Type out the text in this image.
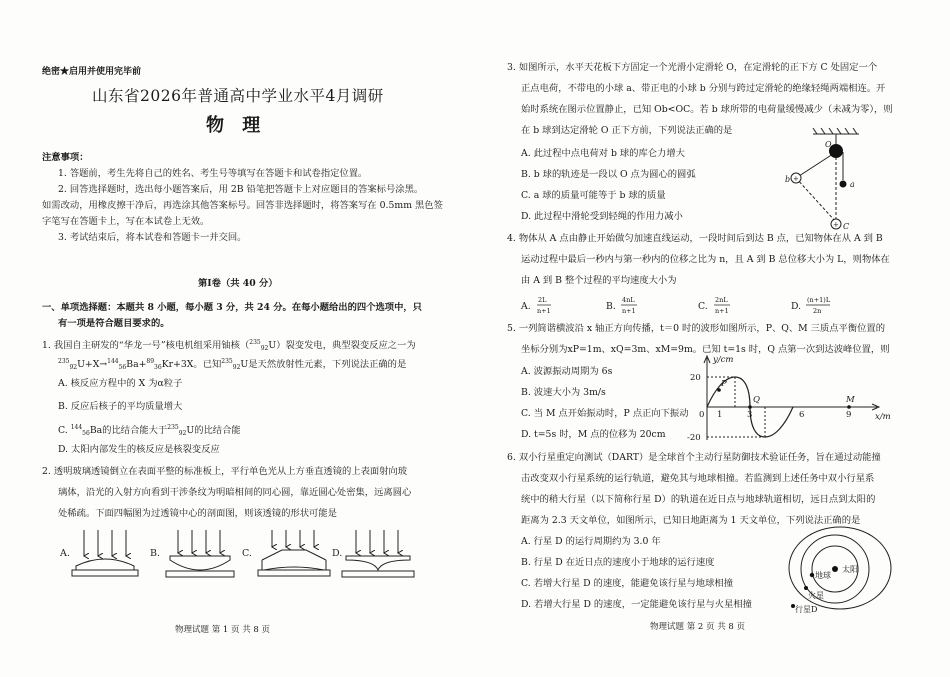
绝密★启用并使用完毕前
山东省2026年普通高中学业水平4月调研
物 理
注意事项：
1. 答题前，考生先将自己的姓名、考生号等填写在答题卡和试卷指定位置。
2. 回答选择题时，选出每小题答案后，用 2B 铅笔把答题卡上对应题目的答案标号涂黑。
如需改动，用橡皮擦干净后，再选涂其他答案标号。回答非选择题时，将答案写在 0.5mm 黑色签
字笔写在答题卡上，写在本试卷上无效。
3. 考试结束后，将本试卷和答题卡一并交回。
第Ⅰ卷（共 40 分）
一、单项选择题：本题共 8 小题，每小题 3 分，共 24 分。在每小题给出的四个选项中，只
有一项是符合题目要求的。
1. 我国自主研发的“华龙一号”核电机组采用铀核（$^{235}_{92}$U）裂变发电，典型裂变反应之一为
$^{235}_{92}$U+X→$^{144}_{56}$Ba+$^{89}_{36}$Kr+3X。已知$^{235}_{92}$U是天然放射性元素，下列说法正确的是
A. 核反应方程中的 X 为α粒子
B. 反应后核子的平均质量增大
C. $^{144}_{56}$Ba的比结合能大于$^{235}_{92}$U的比结合能
D. 太阳内部发生的核反应是核裂变反应
2. 透明玻璃透镜倒立在表面平整的标准板上，平行单色光从上方垂直透镜的上表面射向玻
璃体，沿光的入射方向看到干涉条纹为明暗相间的同心圆，靠近圆心处密集，远离圆心
处稀疏。下面四幅图为过透镜中心的剖面图，则该透镜的形状可能是
A.	B.	C.	D.
物理试题 第 1 页 共 8 页
3. 如图所示，水平天花板下方固定一个光滑小定滑轮 O，在定滑轮的正下方 C 处固定一个
正点电荷，不带电的小球 a、带正电的小球 b 分别与跨过定滑轮的绝缘轻绳两端相连。开
始时系统在图示位置静止，已知 Ob<OC。若 b 球所带的电荷量缓慢减少（未减为零），则
在 b 球到达定滑轮 O 正下方前，下列说法正确的是
A. 此过程中点电荷对 b 球的库仑力增大
B. b 球的轨迹是一段以 O 点为圆心的圆弧
C. a 球的质量可能等于 b 球的质量
D. 此过程中滑轮受到轻绳的作用力减小
+
+
O
a
b
C
4. 物体从 A 点由静止开始做匀加速直线运动，一段时间后到达 B 点，已知物体在从 A 到 B
运动过程中最后一秒内与第一秒内的位移之比为 n，且 A 到 B 总位移大小为 L，则物体在
由 A 到 B 整个过程的平均速度大小为
A.
2L
n+1	B.
4nL
n+1	C.
2nL
n+1	D.
(n+1)L
2n
5. 一列简谐横波沿 x 轴正方向传播，t＝0 时的波形如图所示，P、Q、M 三质点平衡位置的
坐标分别为xP=1m、xQ=3m、xM=9m。已知 t=1s 时，Q 点第一次到达波峰位置，则
A. 波源振动周期为 6s
B. 波速大小为 3m/s
C. 当 M 点开始振动时，P 点正向下振动
D. t=5s 时，M 点的位移为 20cm
y/cm
x/m
20
-20
0 1	3	6	9
P
Q	M
6. 双小行星重定向测试（DART）是全球首个主动行星防御技术验证任务，旨在通过动能撞
击改变双小行星系统的运行轨道，避免其与地球相撞。若监测到上述任务中双小行星系
统中的稍大行星（以下简称行星 D）的轨道在近日点与地球轨道相切，远日点到太阳的
距离为 2.3 天文单位，如图所示，已知日地距离为 1 天文单位，下列说法正确的是
A. 行星 D 的运行周期约为 3.0 年
B. 行星 D 在近日点的速度小于地球的运行速度
C. 若增大行星 D 的速度，能避免该行星与地球相撞
D. 若增大行星 D 的速度，一定能避免该行星与火星相撞
太阳
地球
火星
行星D
物理试题 第 2 页 共 8 页
